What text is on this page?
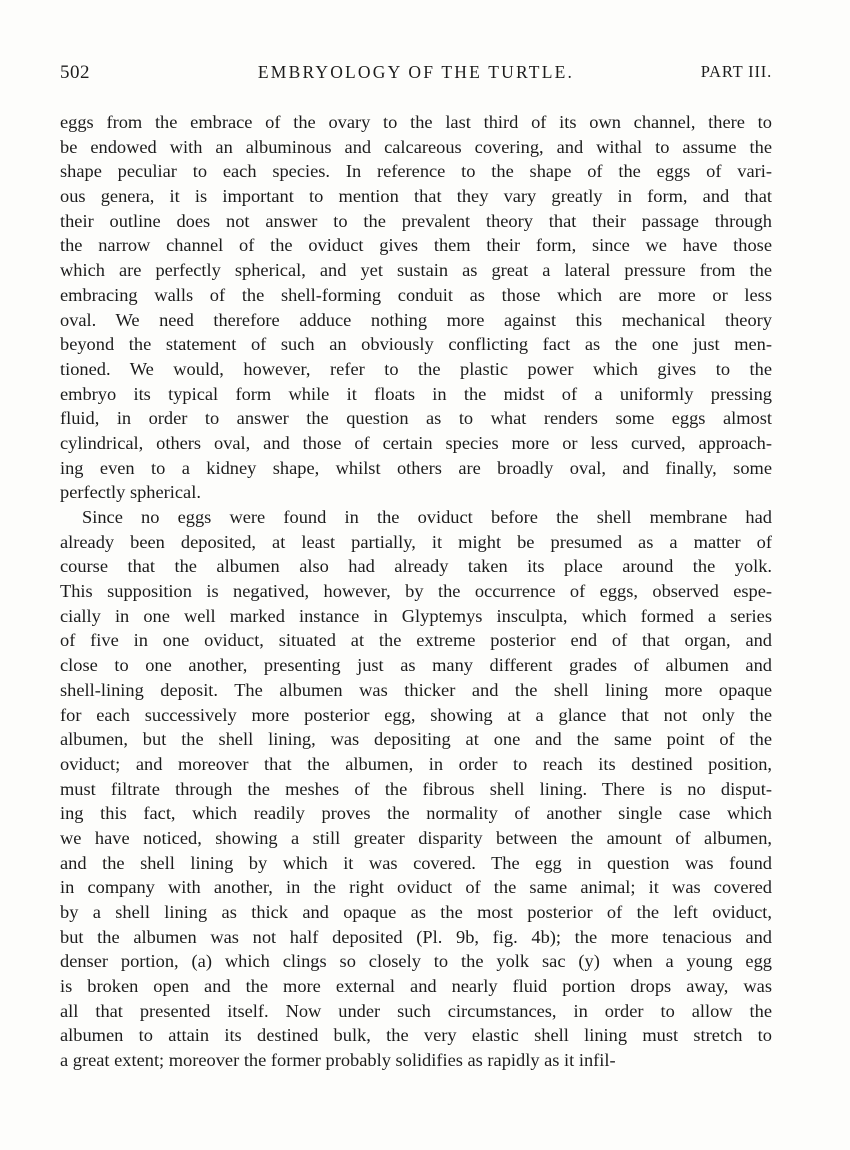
502	EMBRYOLOGY OF THE TURTLE.	PART III.
eggs from the embrace of the ovary to the last third of its own channel, there to
be endowed with an albuminous and calcareous covering, and withal to assume the
shape peculiar to each species. In reference to the shape of the eggs of vari-
ous genera, it is important to mention that they vary greatly in form, and that
their outline does not answer to the prevalent theory that their passage through
the narrow channel of the oviduct gives them their form, since we have those
which are perfectly spherical, and yet sustain as great a lateral pressure from the
embracing walls of the shell-forming conduit as those which are more or less
oval. We need therefore adduce nothing more against this mechanical theory
beyond the statement of such an obviously conflicting fact as the one just men-
tioned. We would, however, refer to the plastic power which gives to the
embryo its typical form while it floats in the midst of a uniformly pressing
fluid, in order to answer the question as to what renders some eggs almost
cylindrical, others oval, and those of certain species more or less curved, approach-
ing even to a kidney shape, whilst others are broadly oval, and finally, some
perfectly spherical.
Since no eggs were found in the oviduct before the shell membrane had
already been deposited, at least partially, it might be presumed as a matter of
course that the albumen also had already taken its place around the yolk.
This supposition is negatived, however, by the occurrence of eggs, observed espe-
cially in one well marked instance in Glyptemys insculpta, which formed a series
of five in one oviduct, situated at the extreme posterior end of that organ, and
close to one another, presenting just as many different grades of albumen and
shell-lining deposit. The albumen was thicker and the shell lining more opaque
for each successively more posterior egg, showing at a glance that not only the
albumen, but the shell lining, was depositing at one and the same point of the
oviduct; and moreover that the albumen, in order to reach its destined position,
must filtrate through the meshes of the fibrous shell lining. There is no disput-
ing this fact, which readily proves the normality of another single case which
we have noticed, showing a still greater disparity between the amount of albumen,
and the shell lining by which it was covered. The egg in question was found
in company with another, in the right oviduct of the same animal; it was covered
by a shell lining as thick and opaque as the most posterior of the left oviduct,
but the albumen was not half deposited (Pl. 9b, fig. 4b); the more tenacious and
denser portion, (a) which clings so closely to the yolk sac (y) when a young egg
is broken open and the more external and nearly fluid portion drops away, was
all that presented itself. Now under such circumstances, in order to allow the
albumen to attain its destined bulk, the very elastic shell lining must stretch to
a great extent; moreover the former probably solidifies as rapidly as it infil-
